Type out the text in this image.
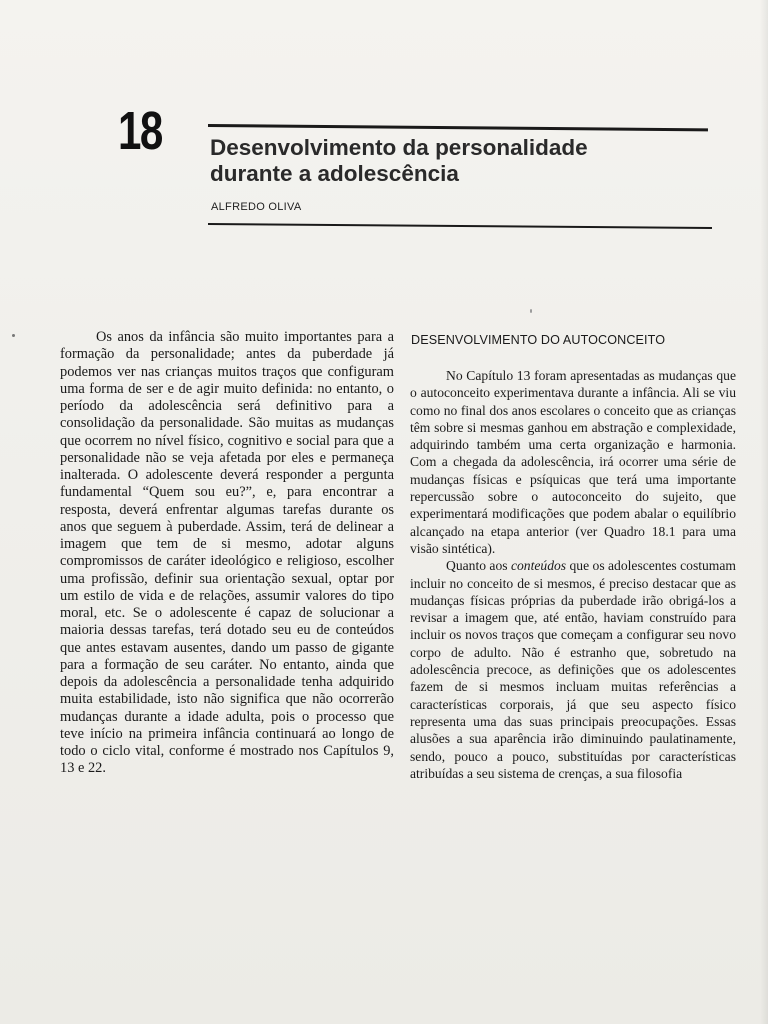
18 Desenvolvimento da personalidade
durante a adolescência
ALFREDO OLIVA

Os anos da infância são muito importantes para a formação da personalidade; antes da puberdade já podemos ver nas crianças muitos traços que configuram uma forma de ser e de agir muito definida: no entanto, o período da adolescência será definitivo para a consolidação da personalidade. São muitas as mudanças que ocorrem no nível físico, cognitivo e social para que a personalidade não se veja afetada por eles e permaneça inalterada. O adolescente deverá responder a pergunta fundamental “Quem sou eu?”, e, para encontrar a resposta, deverá enfrentar algumas tarefas durante os anos que seguem à puberdade. Assim, terá de delinear a imagem que tem de si mesmo, adotar alguns compromissos de caráter ideológico e religioso, escolher uma profissão, definir sua orientação sexual, optar por um estilo de vida e de relações, assumir valores do tipo moral, etc. Se o adolescente é capaz de solucionar a maioria dessas tarefas, terá dotado seu eu de conteúdos que antes estavam ausentes, dando um passo de gigante para a formação de seu caráter. No entanto, ainda que depois da adolescência a personalidade tenha adquirido muita estabilidade, isto não significa que não ocorrerão mudanças durante a idade adulta, pois o processo que teve início na primeira infância continuará ao longo de todo o ciclo vital, conforme é mostrado nos Capítulos 9, 13 e 22.

DESENVOLVIMENTO DO AUTOCONCEITO

No Capítulo 13 foram apresentadas as mudanças que o autoconceito experimentava durante a infância. Ali se viu como no final dos anos escolares o conceito que as crianças têm sobre si mesmas ganhou em abstração e complexidade, adquirindo também uma certa organização e harmonia. Com a chegada da adolescência, irá ocorrer uma série de mudanças físicas e psíquicas que terá uma importante repercussão sobre o autoconceito do sujeito, que experimentará modificações que podem abalar o equilíbrio alcançado na etapa anterior (ver Quadro 18.1 para uma visão sintética).

Quanto aos conteúdos que os adolescentes costumam incluir no conceito de si mesmos, é preciso destacar que as mudanças físicas próprias da puberdade irão obrigá-los a revisar a imagem que, até então, haviam construído para incluir os novos traços que começam a configurar seu novo corpo de adulto. Não é estranho que, sobretudo na adolescência precoce, as definições que os adolescentes fazem de si mesmos incluam muitas referências a características corporais, já que seu aspecto físico representa uma das suas principais preocupações. Essas alusões a sua aparência irão diminuindo paulatinamente, sendo, pouco a pouco, substituídas por características atribuídas a seu sistema de crenças, a sua filosofia
